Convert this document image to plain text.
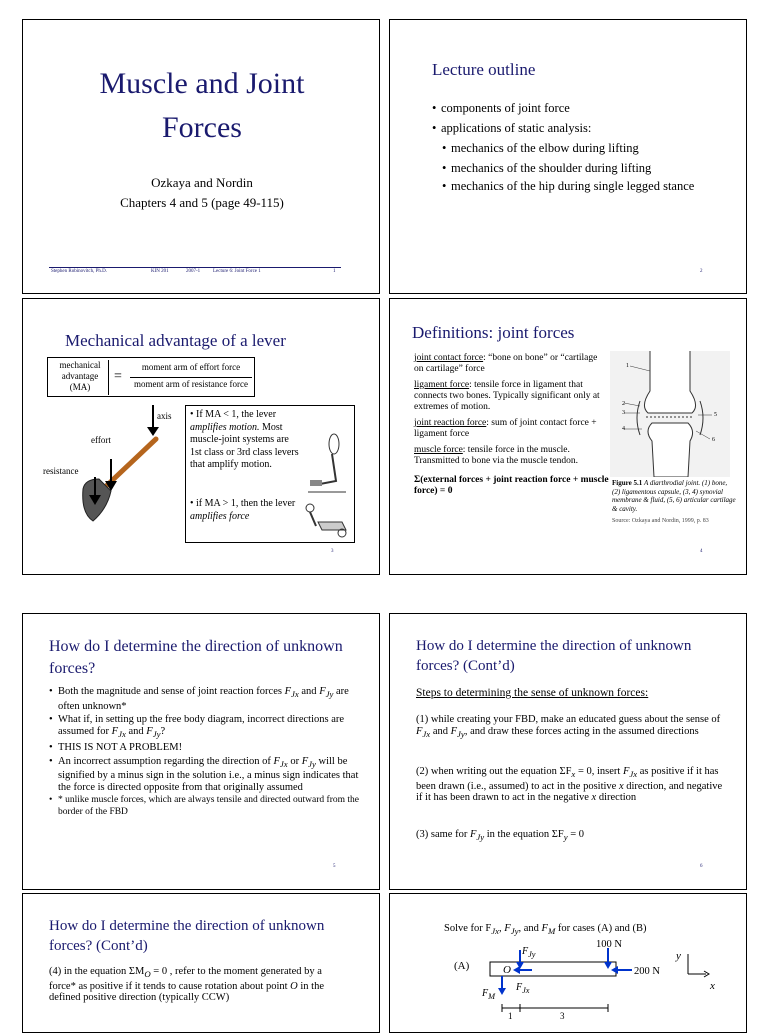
Muscle and Joint Forces
Ozkaya and Nordin
Chapters 4 and 5 (page 49-115)
Stephen Robinovitch, Ph.D.	KIN 201	2007-1	Lecture 6: Joint Force 1	1
Lecture outline
• components of joint force
• applications of static analysis:
• mechanics of the elbow during lifting
• mechanics of the shoulder during lifting
• mechanics of the hip during single legged stance
2
Mechanical advantage of a lever
mechanical advantage (MA)
=
moment arm of effort force
moment arm of resistance force
axis
effort
resistance
• If MA < 1, the lever amplifies motion. Most muscle-joint systems are 1st class or 3rd class levers that amplify motion.
• if MA > 1, then the lever amplifies force
3
Definitions: joint forces
joint contact force: “bone on bone” or “cartilage on cartilage” force
ligament force: tensile force in ligament that connects two bones. Typically significant only at extremes of motion.
joint reaction force: sum of joint contact force + ligament force
muscle force: tensile force in the muscle. Transmitted to bone via the muscle tendon.
Σ(external forces + joint reaction force + muscle force) = 0
1
2
3
4
5
6
Figure 5.1 A diarthrodial joint. (1) bone, (2) ligamentous capsule, (3, 4) synovial membrane & fluid, (5, 6) articular cartilage & cavity.
Source: Ozkaya and Nordin, 1999, p. 83
4
How do I determine the direction of unknown forces?
• Both the magnitude and sense of joint reaction forces $F_{Jx}$ and $F_{Jy}$ are often unknown*
• What if, in setting up the free body diagram, incorrect directions are assumed for $F_{Jx}$ and $F_{Jy}$?
• THIS IS NOT A PROBLEM!
• An incorrect assumption regarding the direction of $F_{Jx}$ or $F_{Jy}$ will be signified by a minus sign in the solution i.e., a minus sign indicates that the force is directed opposite from that originally assumed
• * unlike muscle forces, which are always tensile and directed outward from the border of the FBD
5
How do I determine the direction of unknown forces? (Cont’d)
Steps to determining the sense of unknown forces:
(1) while creating your FBD, make an educated guess about the sense of $F_{Jx}$ and $F_{Jy}$, and draw these forces acting in the assumed directions
(2) when writing out the equation $\Sigma F_x = 0$, insert $F_{Jx}$ as positive if it has been drawn (i.e., assumed) to act in the positive x direction, and negative if it has been drawn to act in the negative x direction
(3) same for $F_{Jy}$ in the equation $\Sigma F_y = 0$
6
How do I determine the direction of unknown forces? (Cont’d)
(4) in the equation $\Sigma M_O = 0$ , refer to the moment generated by a force* as positive if it tends to cause rotation about point O in the defined positive direction (typically CCW)
Solve for $F_{Jx}$, $F_{Jy}$, and $F_M$ for cases (A) and (B)
(A)
100 N
$F_{Jy}$
O
$F_{Jx}$
$F_M$
200 N
1	3
y
x
